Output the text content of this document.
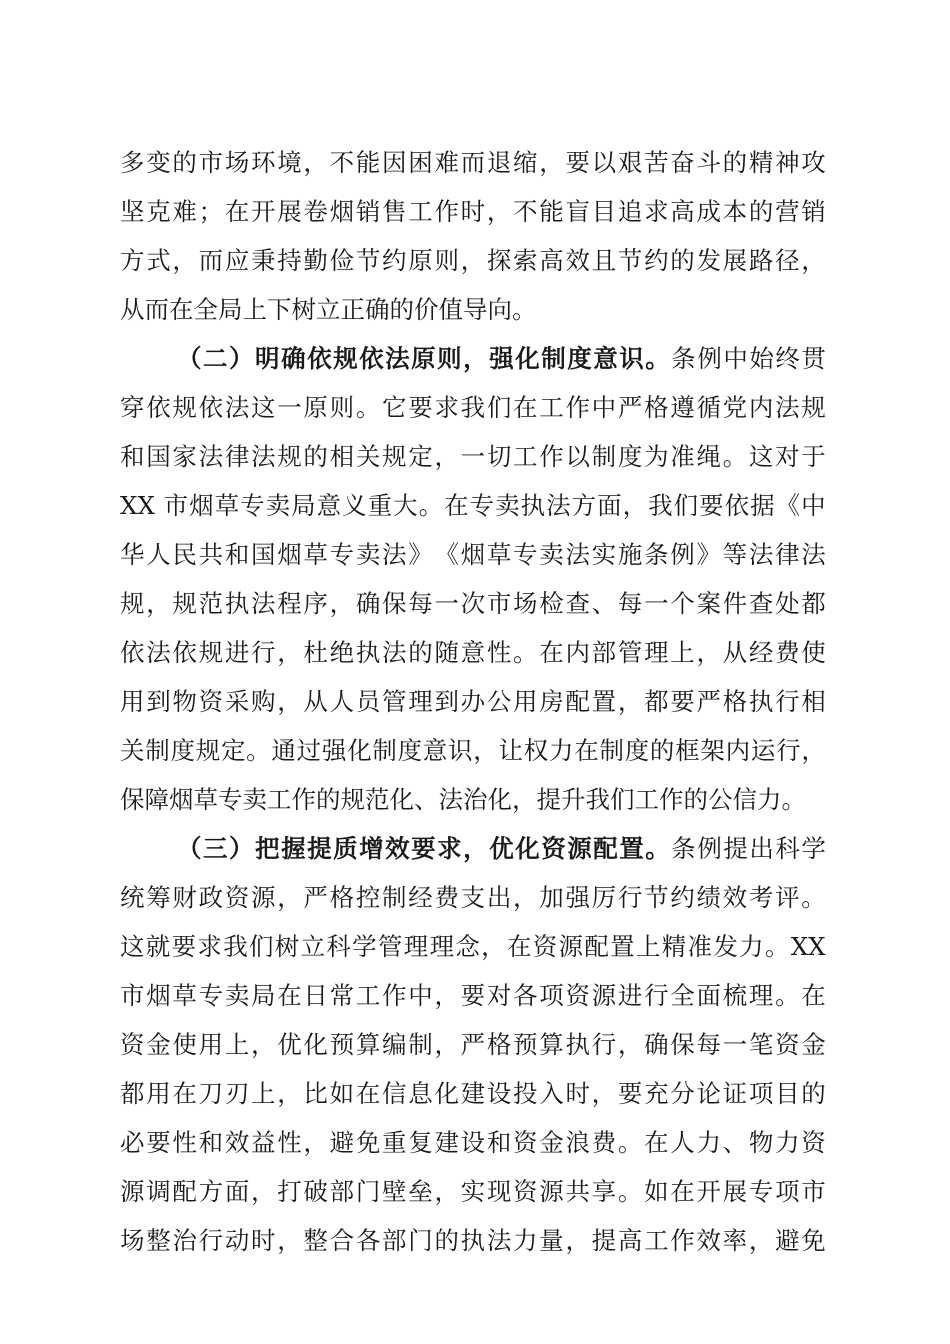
多 变 的 市 场 环 境 ， 不 能 因 困 难 而 退 缩 ， 要 以 艰 苦 奋 斗 的 精 神 攻
坚 克 难 ； 在 开 展 卷 烟 销 售 工 作 时 ， 不 能 盲 目 追 求 高 成 本 的 营 销
方 式 ， 而 应 秉 持 勤 俭 节 约 原 则 ， 探 索 高 效 且 节 约 的 发 展 路 径 ，
从而在全局上下树立正确的价值导向。
（ 二 ） 明 确 依 规 依 法 原 则 ， 强 化 制 度 意 识 。 条 例 中 始 终 贯
穿 依 规 依 法 这 一 原 则 。 它 要 求 我 们 在 工 作 中 严 格 遵 循 党 内 法 规
和 国 家 法 律 法 规 的 相 关 规 定 ， 一 切 工 作 以 制 度 为 准 绳 。 这 对 于
XX 市 烟 草 专 卖 局 意 义 重 大 。 在 专 卖 执 法 方 面 ， 我 们 要 依 据 《 中
华 人 民 共 和 国 烟 草 专 卖 法 》 《 烟 草 专 卖 法 实 施 条 例 》 等 法 律 法
规 ， 规 范 执 法 程 序 ， 确 保 每 一 次 市 场 检 查 、 每 一 个 案 件 查 处 都
依 法 依 规 进 行 ， 杜 绝 执 法 的 随 意 性 。 在 内 部 管 理 上 ， 从 经 费 使
用 到 物 资 采 购 ， 从 人 员 管 理 到 办 公 用 房 配 置 ， 都 要 严 格 执 行 相
关 制 度 规 定 。 通 过 强 化 制 度 意 识 ， 让 权 力 在 制 度 的 框 架 内 运 行 ，
保障烟草专卖工作的规范化、法治化，提升我们工作的公信力。
（ 三 ） 把 握 提 质 增 效 要 求 ， 优 化 资 源 配 置 。 条 例 提 出 科 学
统 筹 财 政 资 源 ， 严 格 控 制 经 费 支 出 ， 加 强 厉 行 节 约 绩 效 考 评 。
这 就 要 求 我 们 树 立 科 学 管 理 理 念 ， 在 资 源 配 置 上 精 准 发 力 。 XX
市 烟 草 专 卖 局 在 日 常 工 作 中 ， 要 对 各 项 资 源 进 行 全 面 梳 理 。 在
资 金 使 用 上 ， 优 化 预 算 编 制 ， 严 格 预 算 执 行 ， 确 保 每 一 笔 资 金
都 用 在 刀 刃 上 ， 比 如 在 信 息 化 建 设 投 入 时 ， 要 充 分 论 证 项 目 的
必 要 性 和 效 益 性 ， 避 免 重 复 建 设 和 资 金 浪 费 。 在 人 力 、 物 力 资
源 调 配 方 面 ， 打 破 部 门 壁 垒 ， 实 现 资 源 共 享 。 如 在 开 展 专 项 市
场 整 治 行 动 时 ， 整 合 各 部 门 的 执 法 力 量 ， 提 高 工 作 效 率 ， 避 免
